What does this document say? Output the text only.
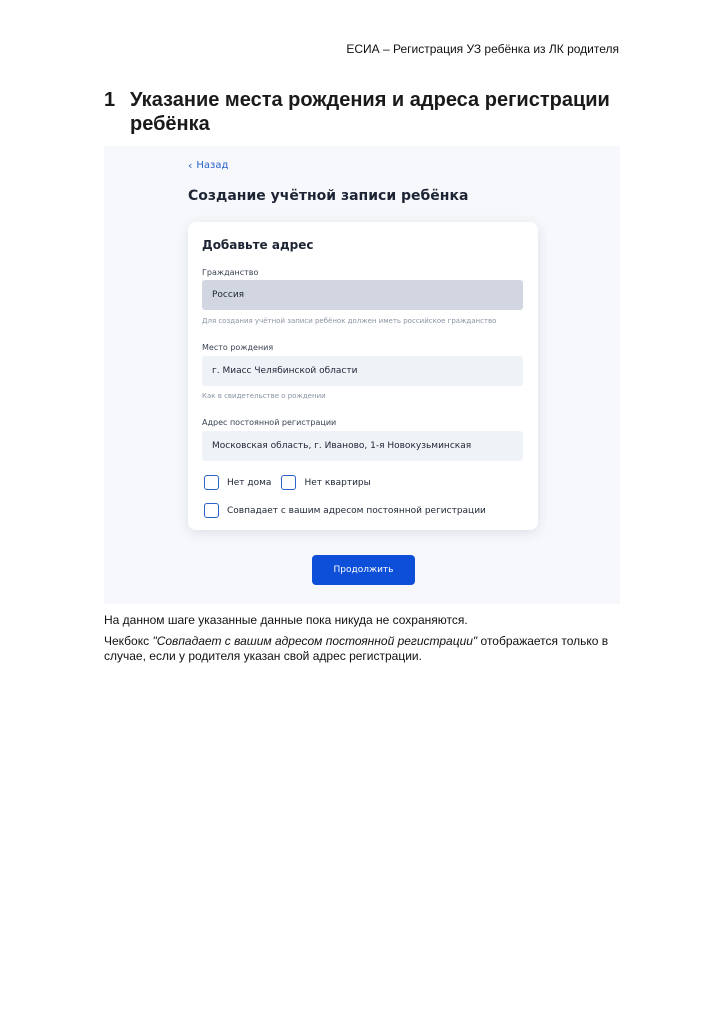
ЕСИА – Регистрация УЗ ребёнка из ЛК родителя
1 Указание места рождения и адреса регистрации ребёнка
‹ Назад
Создание учётной записи ребёнка
Добавьте адрес
Гражданство
Россия
Для создания учётной записи ребёнок должен иметь российское гражданство
Место рождения
г. Миасс Челябинской области
Как в свидетельстве о рождении
Адрес постоянной регистрации
Московская область, г. Иваново, 1-я Новокузьминская
Нет дома	Нет квартиры
Совпадает с вашим адресом постоянной регистрации
Продолжить
На данном шаге указанные данные пока никуда не сохраняются.
Чекбокс "Совпадает с вашим адресом постоянной регистрации" отображается только в случае, если у родителя указан свой адрес регистрации.
